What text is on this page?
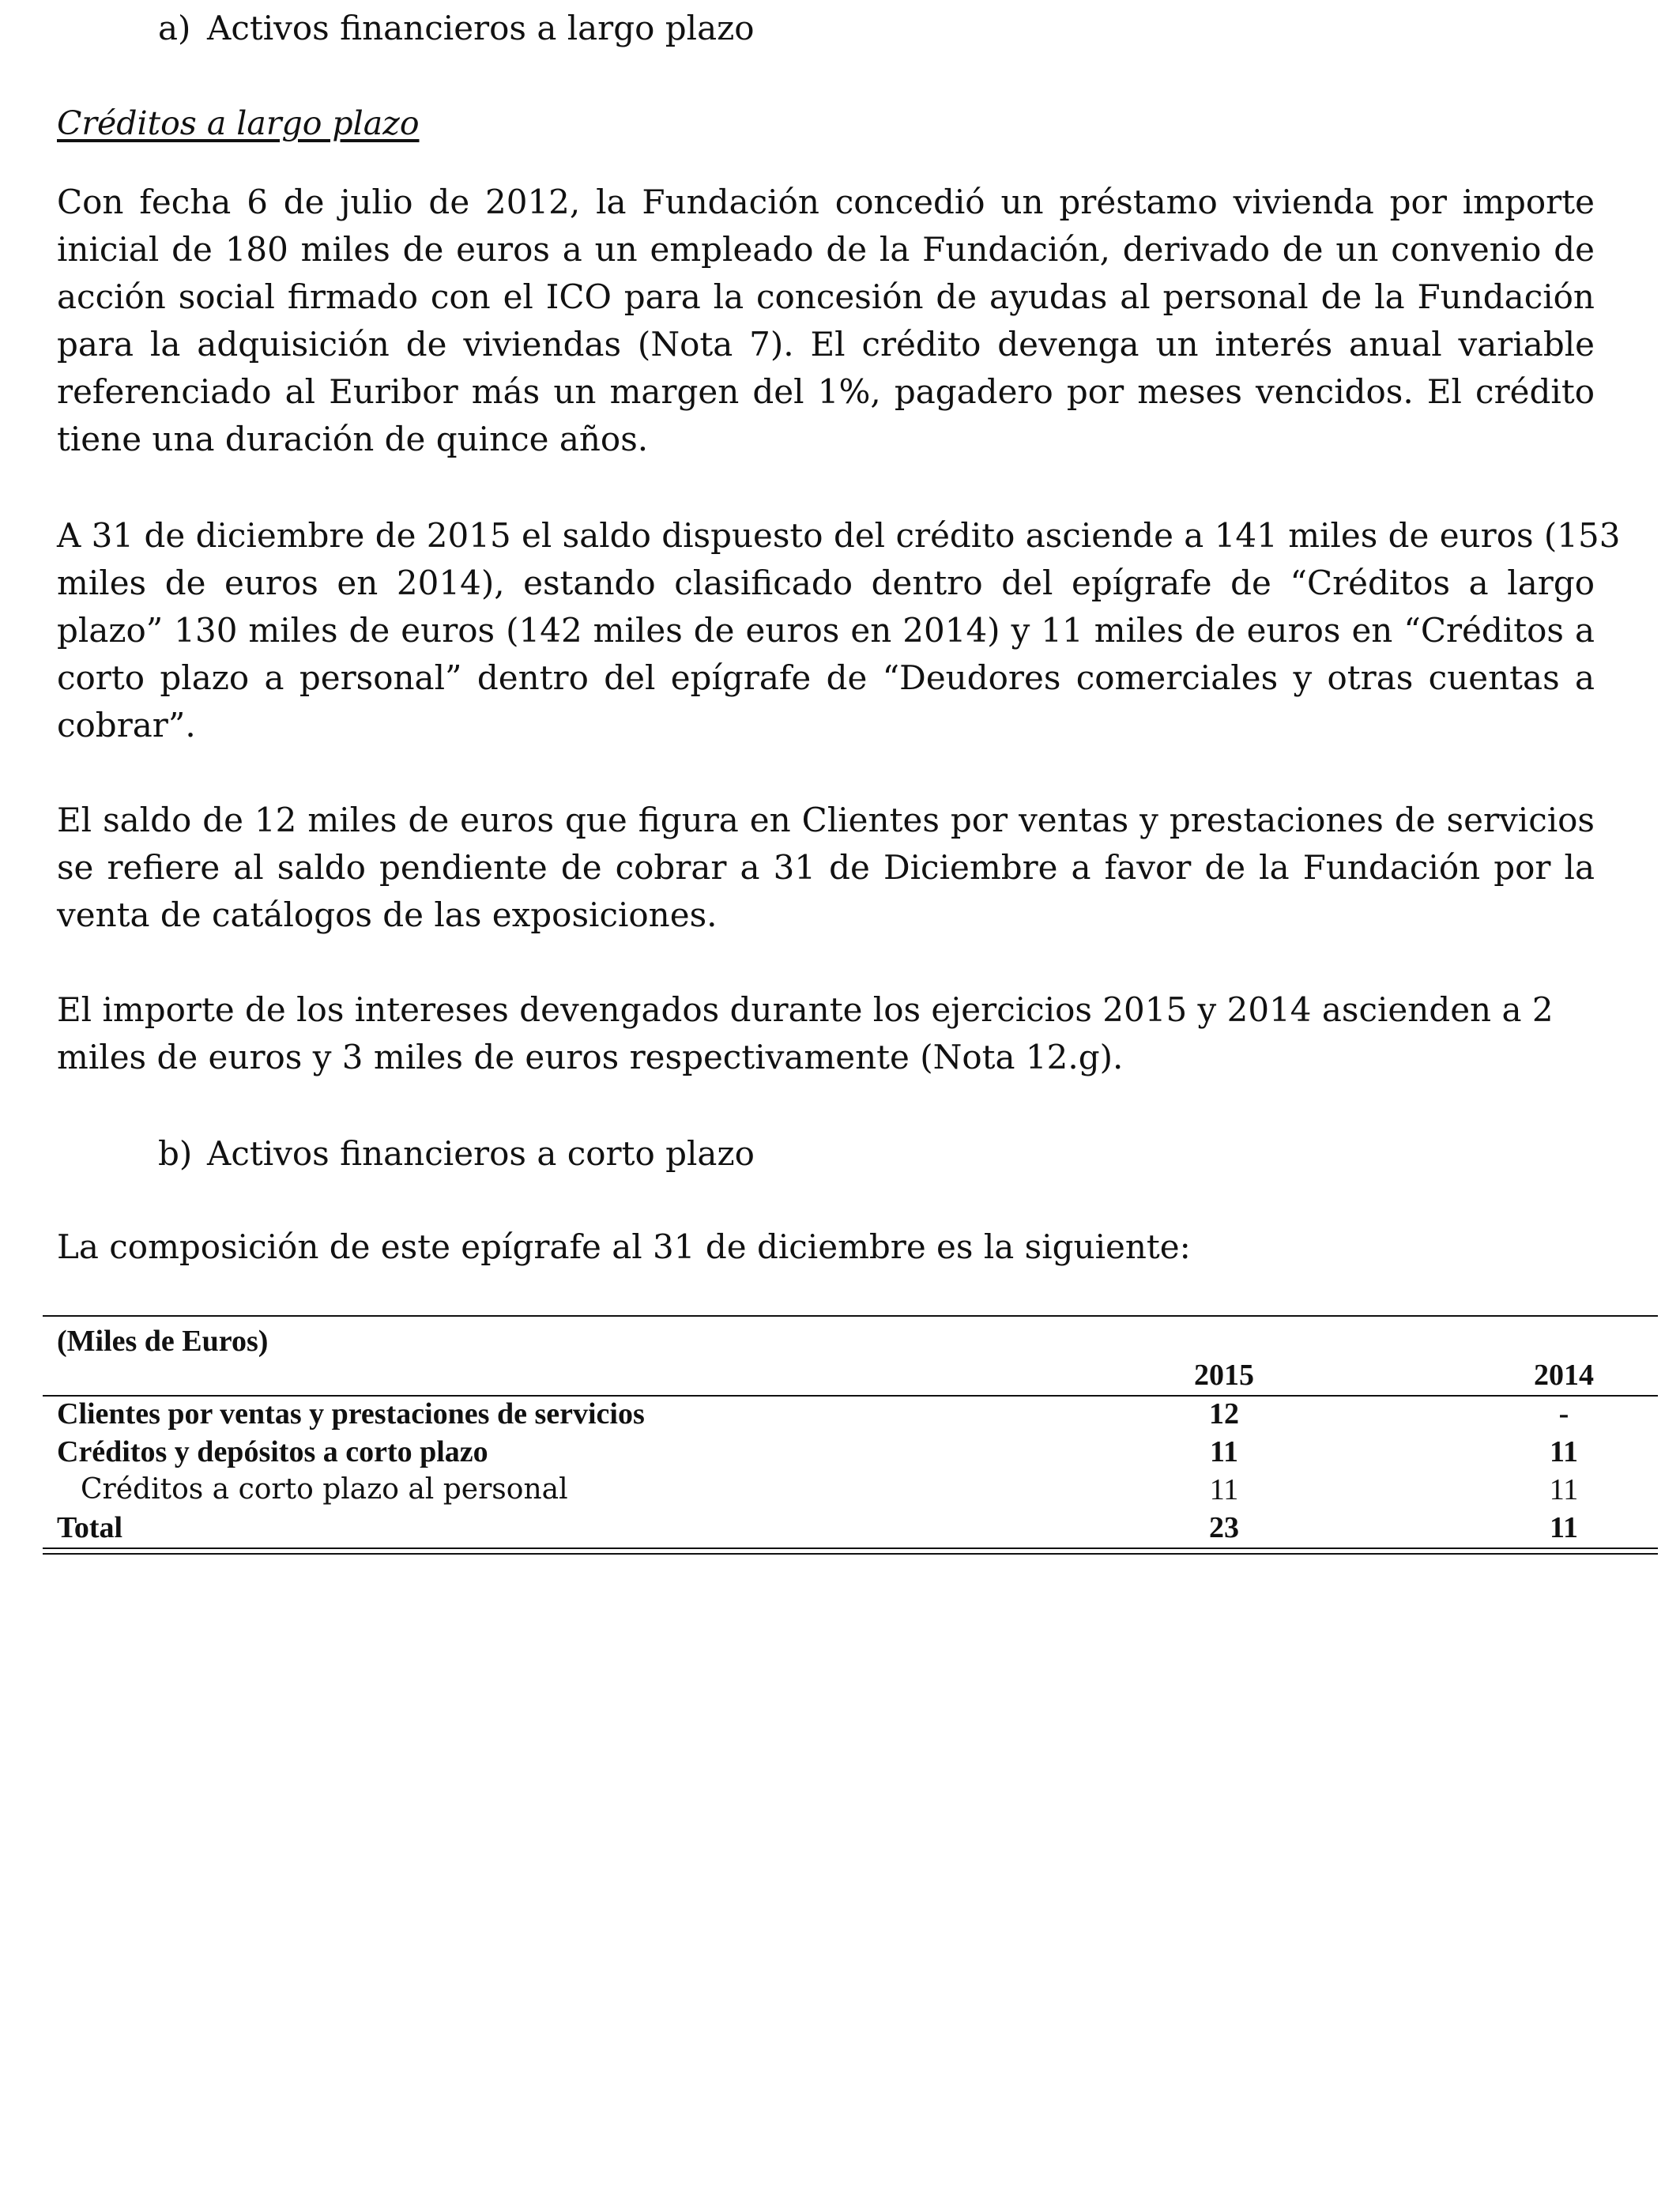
a) Activos financieros a largo plazo
Créditos a largo plazo

Con fecha 6 de julio de 2012, la Fundación concedió un préstamo vivienda por importe
inicial de 180 miles de euros a un empleado de la Fundación, derivado de un convenio de
acción social firmado con el ICO para la concesión de ayudas al personal de la Fundación
para la adquisición de viviendas (Nota 7). El crédito devenga un interés anual variable
referenciado al Euribor más un margen del 1%, pagadero por meses vencidos. El crédito
tiene una duración de quince años.

A 31 de diciembre de 2015 el saldo dispuesto del crédito asciende a 141 miles de euros (153
miles de euros en 2014), estando clasificado dentro del epígrafe de “Créditos a largo
plazo” 130 miles de euros (142 miles de euros en 2014) y 11 miles de euros en “Créditos a
corto plazo a personal” dentro del epígrafe de “Deudores comerciales y otras cuentas a
cobrar”.

El saldo de 12 miles de euros que figura en Clientes por ventas y prestaciones de servicios
se refiere al saldo pendiente de cobrar a 31 de Diciembre a favor de la Fundación por la
venta de catálogos de las exposiciones.

El importe de los intereses devengados durante los ejercicios 2015 y 2014 ascienden a 2
miles de euros y 3 miles de euros respectivamente (Nota 12.g).

b) Activos financieros a corto plazo

La composición de este epígrafe al 31 de diciembre es la siguiente:

(Miles de Euros)
2015	2014
Clientes por ventas y prestaciones de servicios	12	-
Créditos y depósitos a corto plazo	11	11
Créditos a corto plazo al personal	11	11
Total	23	11
